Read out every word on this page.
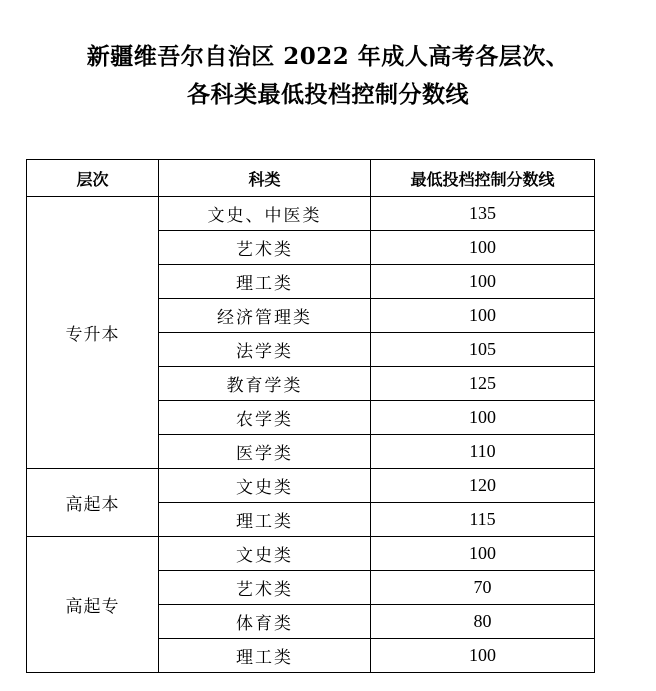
新疆维吾尔自治区 2022 年成人高考各层次、
各科类最低投档控制分数线
层次	科类	最低投档控制分数线
专升本	文史、中医类	135
	艺术类	100
	理工类	100
	经济管理类	100
	法学类	105
	教育学类	125
	农学类	100
	医学类	110
高起本	文史类	120
	理工类	115
高起专	文史类	100
	艺术类	70
	体育类	80
	理工类	100
